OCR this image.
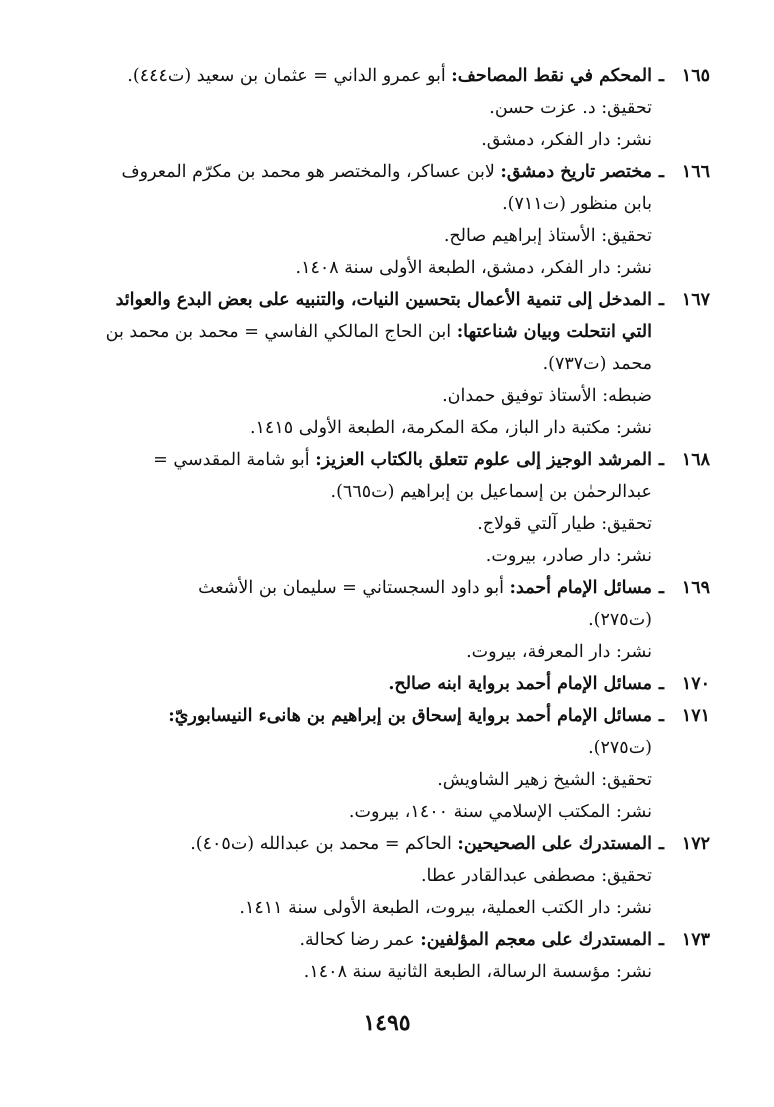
١٦٥
ـ
المحكم في نقط المصاحف: أبو عمرو الداني = عثمان بن سعيد (ت٤٤٤).
تحقيق: د. عزت حسن.
نشر: دار الفكر، دمشق.
١٦٦
ـ
مختصر تاريخ دمشق: لابن عساكر، والمختصر هو محمد بن مكرّم المعروف
بابن منظور (ت٧١١).
تحقيق: الأستاذ إبراهيم صالح.
نشر: دار الفكر، دمشق، الطبعة الأولى سنة ١٤٠٨.
١٦٧
ـ
المدخل إلى تنمية الأعمال بتحسين النيات، والتنبيه على بعض البدع والعوائد
التي انتحلت وبيان شناعتها: ابن الحاج المالكي الفاسي = محمد بن محمد بن
محمد (ت٧٣٧).
ضبطه: الأستاذ توفيق حمدان.
نشر: مكتبة دار الباز، مكة المكرمة، الطبعة الأولى ١٤١٥.
١٦٨
ـ
المرشد الوجيز إلى علوم تتعلق بالكتاب العزيز: أبو شامة المقدسي =
عبدالرحمٰن بن إسماعيل بن إبراهيم (ت٦٦٥).
تحقيق: طيار آلتي قولاج.
نشر: دار صادر، بيروت.
١٦٩
ـ
مسائل الإمام أحمد: أبو داود السجستاني = سليمان بن الأشعث
(ت٢٧٥).
نشر: دار المعرفة، بيروت.
١٧٠
ـ
مسائل الإمام أحمد برواية ابنه صالح.
١٧١
ـ
مسائل الإمام أحمد برواية إسحاق بن إبراهيم بن هانىء النيسابوريّ:
(ت٢٧٥).
تحقيق: الشيخ زهير الشاويش.
نشر: المكتب الإسلامي سنة ١٤٠٠، بيروت.
١٧٢
ـ
المستدرك على الصحيحين: الحاكم = محمد بن عبدالله (ت٤٠٥).
تحقيق: مصطفى عبدالقادر عطا.
نشر: دار الكتب العملية، بيروت، الطبعة الأولى سنة ١٤١١.
١٧٣
ـ
المستدرك على معجم المؤلفين: عمر رضا كحالة.
نشر: مؤسسة الرسالة، الطبعة الثانية سنة ١٤٠٨.
١٤٩٥
